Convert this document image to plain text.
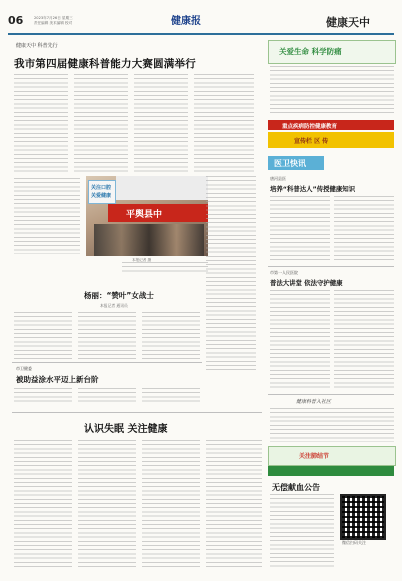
06	2023年7月26日 星期三
责任编辑 美术编辑 校对	健康报	健康天中
健康天中 科普先行
我市第四届健康科普能力大赛圆满举行
平舆县中
关注口腔
关爱健康
本报记者 摄
杨丽：“赞叶”女战士
本报记者 通讯员
市卫健委
被助益涂水平迈上新台阶
认识失眠 关注健康
关爱生命 科学防痛
重点疾病防控健康教育
宣传栏 区 传
医卫快讯
唐河县医
培养“科普达人”传授健康知识
市第一人民医院
普法大讲堂 依法守护健康
健康科普入社区
关注肺结节
无偿献血公告
微信扫码关注
